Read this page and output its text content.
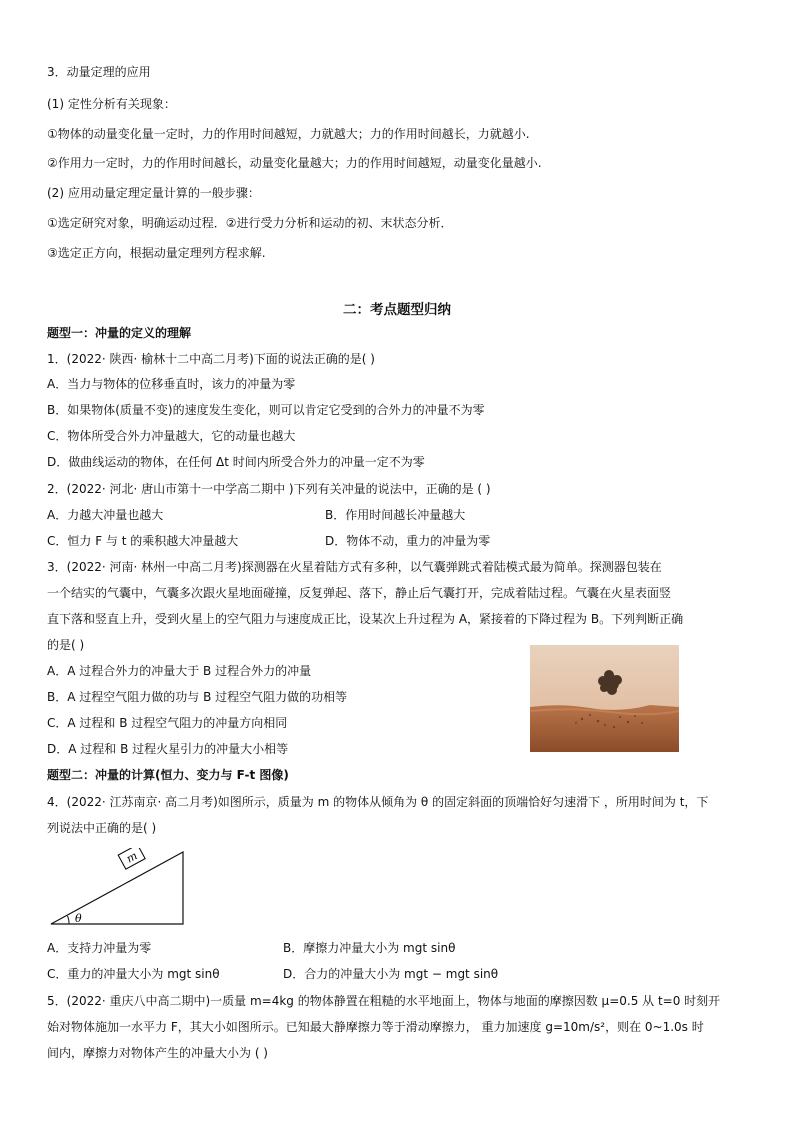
3．动量定理的应用
(1) 定性分析有关现象：
①物体的动量变化量一定时，力的作用时间越短，力就越大；力的作用时间越长，力就越小.
②作用力一定时，力的作用时间越长，动量变化量越大；力的作用时间越短，动量变化量越小.
(2) 应用动量定理定量计算的一般步骤：
①选定研究对象，明确运动过程．②进行受力分析和运动的初、末状态分析．
③选定正方向，根据动量定理列方程求解.
二：考点题型归纳
题型一：冲量的定义的理解
1．(2022· 陕西· 榆林十二中高二月考)下面的说法正确的是( )
A．当力与物体的位移垂直时，该力的冲量为零
B．如果物体(质量不变)的速度发生变化，则可以肯定它受到的合外力的冲量不为零
C．物体所受合外力冲量越大，它的动量也越大
D．做曲线运动的物体，在任何 Δt 时间内所受合外力的冲量一定不为零
2．(2022· 河北· 唐山市第十一中学高二期中 )下列有关冲量的说法中，正确的是 ( )
A．力越大冲量也越大	B．作用时间越长冲量越大
C．恒力 F 与 t 的乘积越大冲量越大	D．物体不动，重力的冲量为零
3．(2022· 河南· 林州一中高二月考)探测器在火星着陆方式有多种，以气囊弹跳式着陆模式最为简单。探测器包装在
一个结实的气囊中，气囊多次跟火星地面碰撞，反复弹起、落下，静止后气囊打开，完成着陆过程。气囊在火星表面竖
直下落和竖直上升，受到火星上的空气阻力与速度成正比，设某次上升过程为 A，紧接着的下降过程为 B。下列判断正确
的是( )
A．A 过程合外力的冲量大于 B 过程合外力的冲量
B．A 过程空气阻力做的功与 B 过程空气阻力做的功相等
C．A 过程和 B 过程空气阻力的冲量方向相同
D．A 过程和 B 过程火星引力的冲量大小相等
题型二：冲量的计算(恒力、变力与 F-t 图像)
4．(2022· 江苏南京· 高二月考)如图所示，质量为 m 的物体从倾角为 θ 的固定斜面的顶端恰好匀速滑下 ，所用时间为 t，下
列说法中正确的是( )
m
θ
A．支持力冲量为零	B．摩擦力冲量大小为 mgt sinθ
C．重力的冲量大小为 mgt sinθ	D．合力的冲量大小为 mgt − mgt sinθ
5．(2022· 重庆八中高二期中)一质量 m=4kg 的物体静置在粗糙的水平地面上，物体与地面的摩擦因数 μ=0.5 从 t=0 时刻开
始对物体施加一水平力 F，其大小如图所示。已知最大静摩擦力等于滑动摩擦力， 重力加速度 g=10m/s²，则在 0~1.0s 时
间内，摩擦力对物体产生的冲量大小为 ( )
